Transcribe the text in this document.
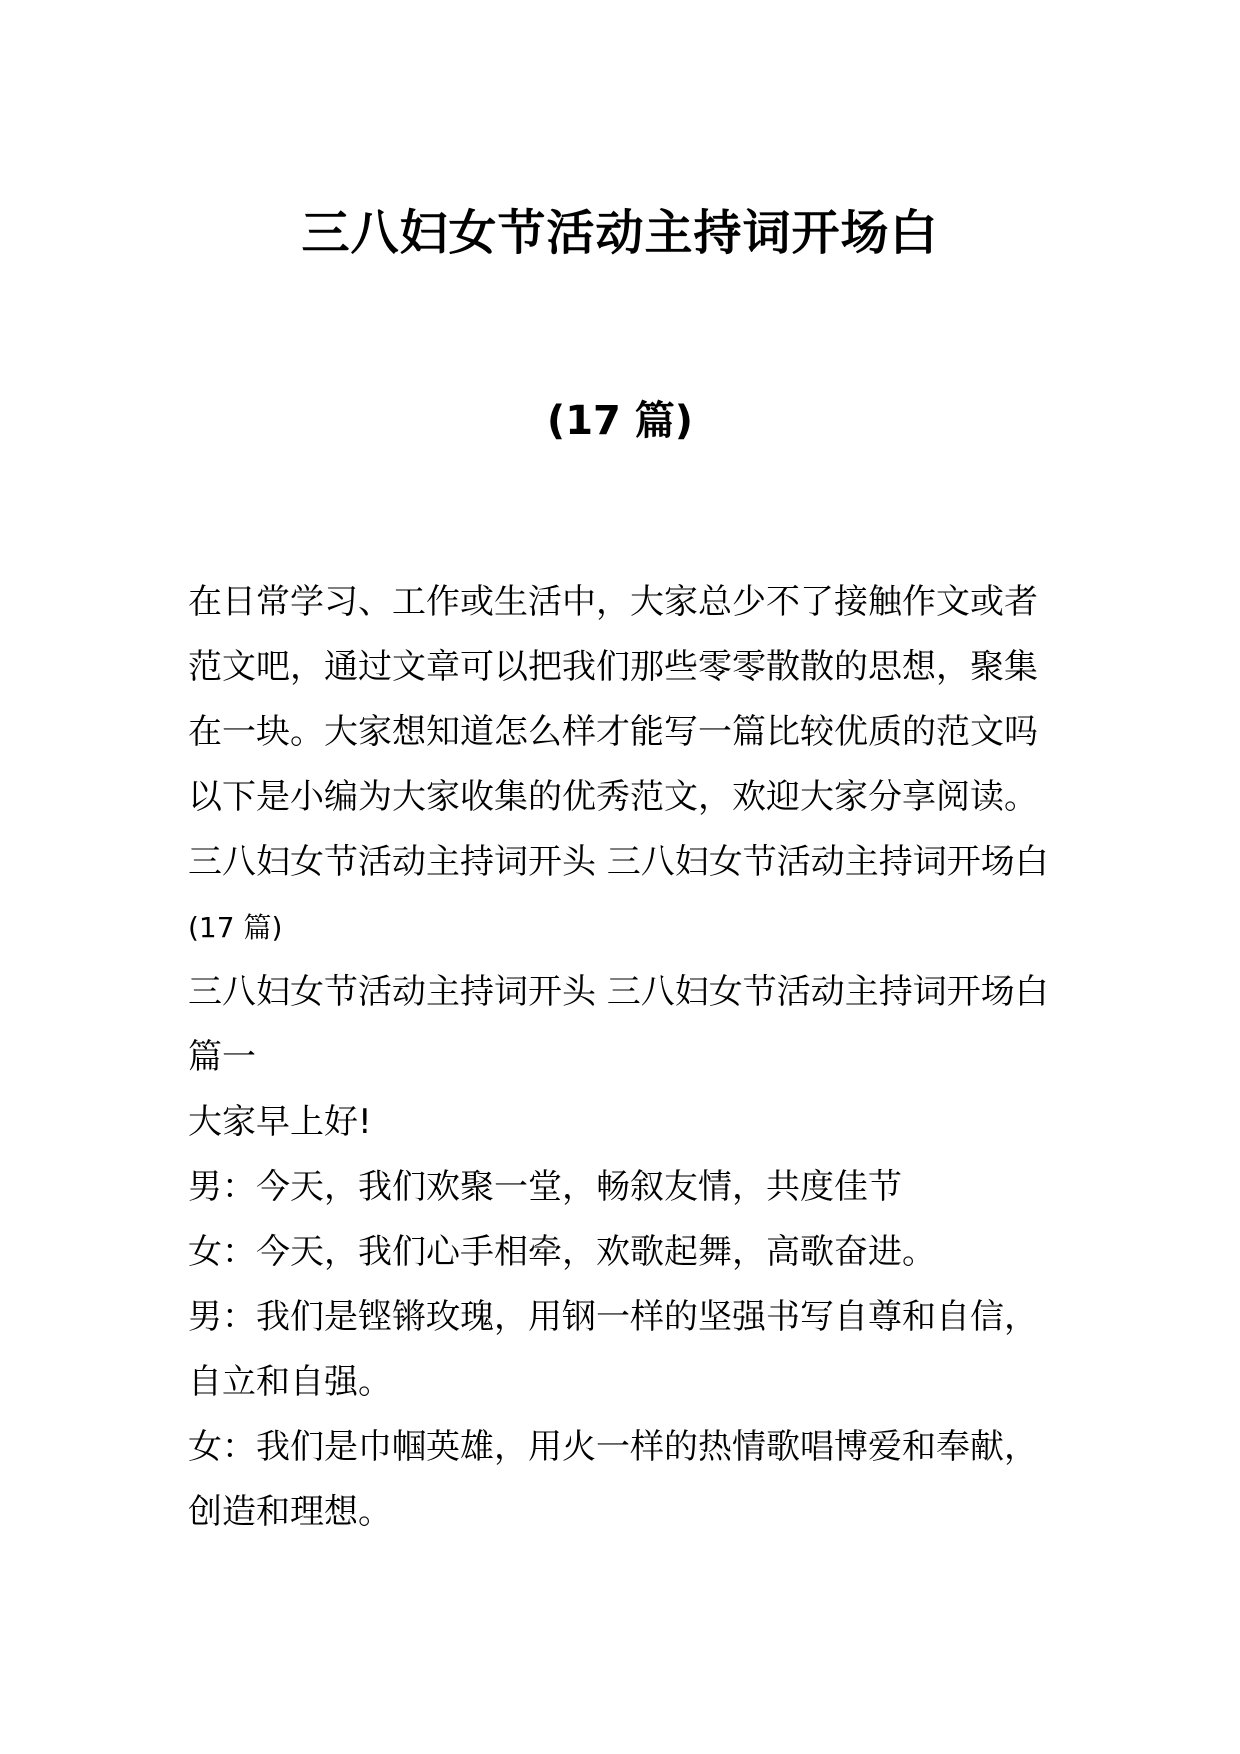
三八妇女节活动主持词开场白
(17 篇)
在日常学习、工作或生活中，大家总少不了接触作文或者
范文吧，通过文章可以把我们那些零零散散的思想，聚集
在一块。大家想知道怎么样才能写一篇比较优质的范文吗
以下是小编为大家收集的优秀范文，欢迎大家分享阅读。
三八妇女节活动主持词开头 三八妇女节活动主持词开场白
(17 篇)
三八妇女节活动主持词开头 三八妇女节活动主持词开场白
篇一
大家早上好!
男：今天，我们欢聚一堂，畅叙友情，共度佳节
女：今天，我们心手相牵，欢歌起舞，高歌奋进。
男：我们是铿锵玫瑰，用钢一样的坚强书写自尊和自信，
自立和自强。
女：我们是巾帼英雄，用火一样的热情歌唱博爱和奉献，
创造和理想。
